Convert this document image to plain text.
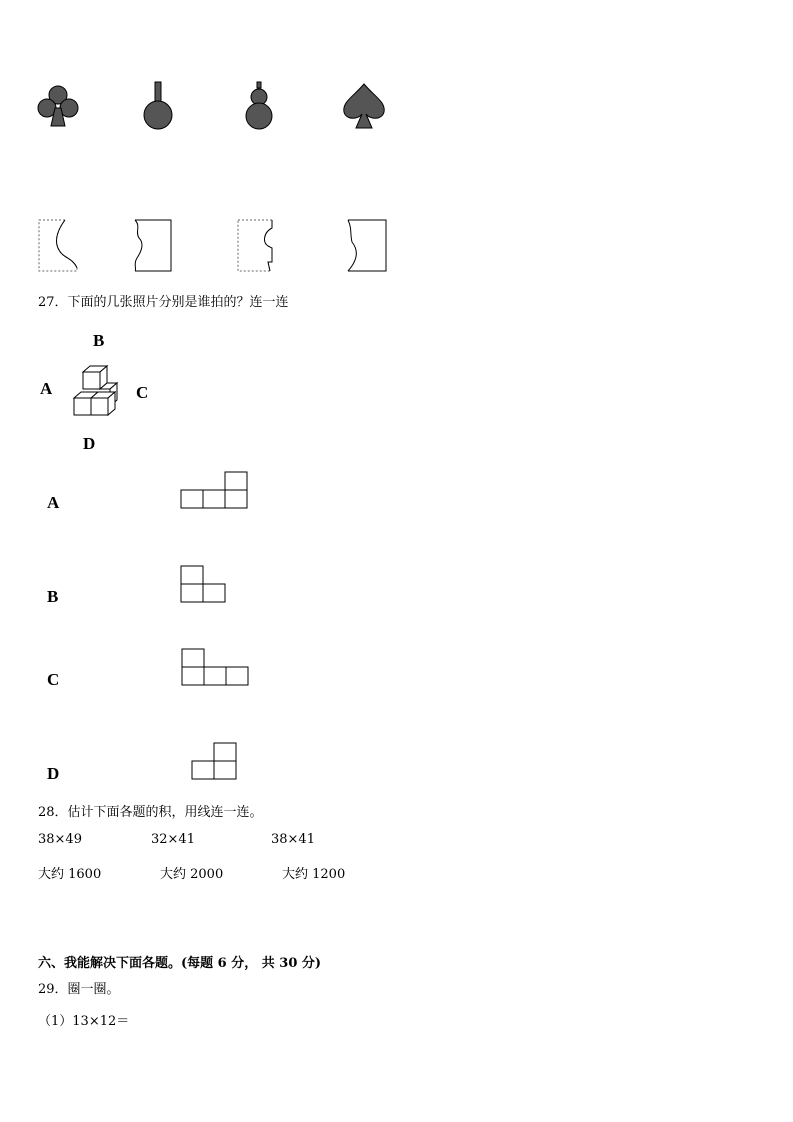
27．下面的几张照片分别是谁拍的？连一连
B
A	C
D
A
B
C
D
28．估计下面各题的积，用线连一连。
38×49	32×41	38×41
大约 1600	大约 2000	大约 1200
六、我能解决下面各题。(每题 6 分， 共 30 分)
29．圈一圈。
（1）13×12＝
